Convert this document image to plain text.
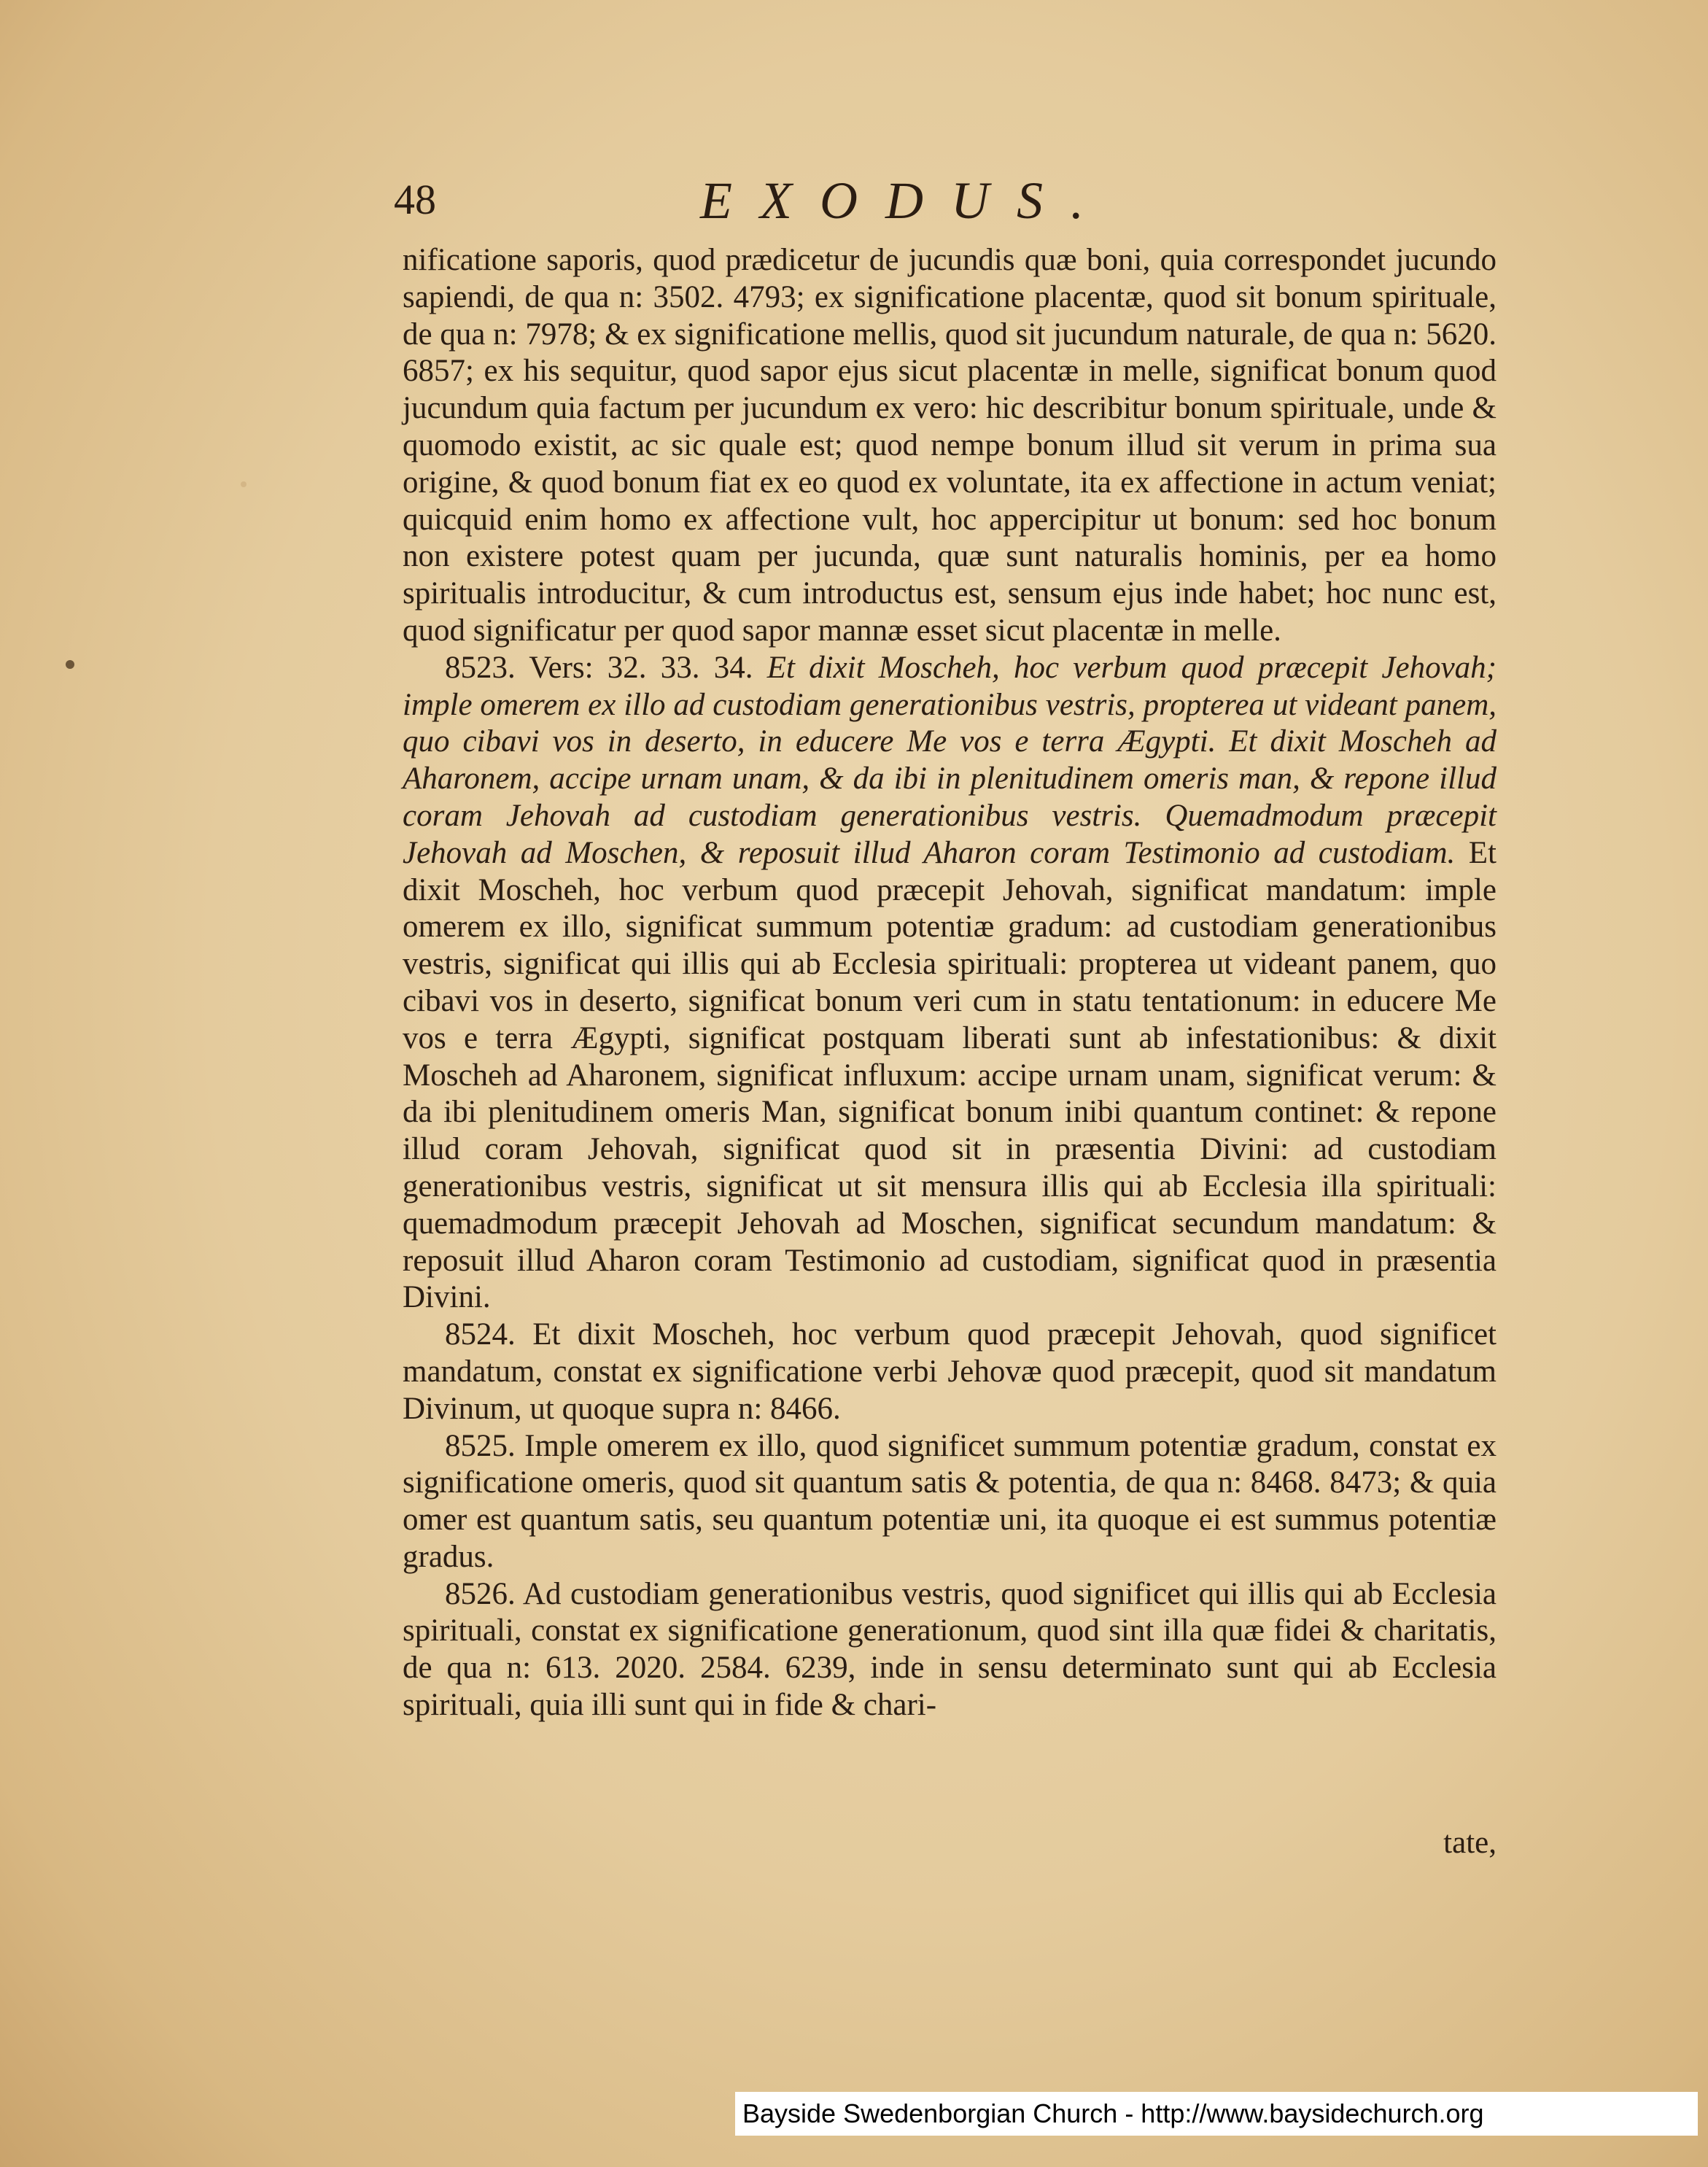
48	EXODUS.

nificatione saporis, quod prædicetur de jucundis quæ boni, quia correspondet jucundo sapiendi, de qua n: 3502. 4793; ex significatione placentæ, quod sit bonum spirituale, de qua n: 7978; & ex significatione mellis, quod sit jucundum naturale, de qua n: 5620. 6857; ex his sequitur, quod sapor ejus sicut placentæ in melle, significat bonum quod jucundum quia factum per jucundum ex vero: hic describitur bonum spirituale, unde & quomodo existit, ac sic quale est; quod nempe bonum illud sit verum in prima sua origine, & quod bonum fiat ex eo quod ex voluntate, ita ex affectione in actum veniat; quicquid enim homo ex affectione vult, hoc appercipitur ut bonum: sed hoc bonum non existere potest quam per jucunda, quæ sunt naturalis hominis, per ea homo spiritualis introducitur, & cum introductus est, sensum ejus inde habet; hoc nunc est, quod significatur per quod sapor mannæ esset sicut placentæ in melle.

8523. Vers: 32. 33. 34. Et dixit Moscheh, hoc verbum quod præcepit Jehovah; imple omerem ex illo ad custodiam generationibus vestris, propterea ut videant panem, quo cibavi vos in deserto, in educere Me vos e terra Ægypti. Et dixit Moscheh ad Aharonem, accipe urnam unam, & da ibi in plenitudinem omeris man, & repone illud coram Jehovah ad custodiam generationibus vestris. Quemadmodum præcepit Jehovah ad Moschen, & reposuit illud Aharon coram Testimonio ad custodiam. Et dixit Moscheh, hoc verbum quod præcepit Jehovah, significat mandatum: imple omerem ex illo, significat summum potentiæ gradum: ad custodiam generationibus vestris, significat qui illis qui ab Ecclesia spirituali: propterea ut videant panem, quo cibavi vos in deserto, significat bonum veri cum in statu tentationum: in educere Me vos e terra Ægypti, significat postquam liberati sunt ab infestationibus: & dixit Moscheh ad Aharonem, significat influxum: accipe urnam unam, significat verum: & da ibi plenitudinem omeris Man, significat bonum inibi quantum continet: & repone illud coram Jehovah, significat quod sit in præsentia Divini: ad custodiam generationibus vestris, significat ut sit mensura illis qui ab Ecclesia illa spirituali: quemadmodum præcepit Jehovah ad Moschen, significat secundum mandatum: & reposuit illud Aharon coram Testimonio ad custodiam, significat quod in præsentia Divini.

8524. Et dixit Moscheh, hoc verbum quod præcepit Jehovah, quod significet mandatum, constat ex significatione verbi Jehovæ quod præcepit, quod sit mandatum Divinum, ut quoque supra n: 8466.

8525. Imple omerem ex illo, quod significet summum potentiæ gradum, constat ex significatione omeris, quod sit quantum satis & potentia, de qua n: 8468. 8473; & quia omer est quantum satis, seu quantum potentiæ uni, ita quoque ei est summus potentiæ gradus.

8526. Ad custodiam generationibus vestris, quod significet qui illis qui ab Ecclesia spirituali, constat ex significatione generationum, quod sint illa quæ fidei & charitatis, de qua n: 613. 2020. 2584. 6239, inde in sensu determinato sunt qui ab Ecclesia spirituali, quia illi sunt qui in fide & chari-

tate,
Bayside Swedenborgian Church - http://www.baysidechurch.org
